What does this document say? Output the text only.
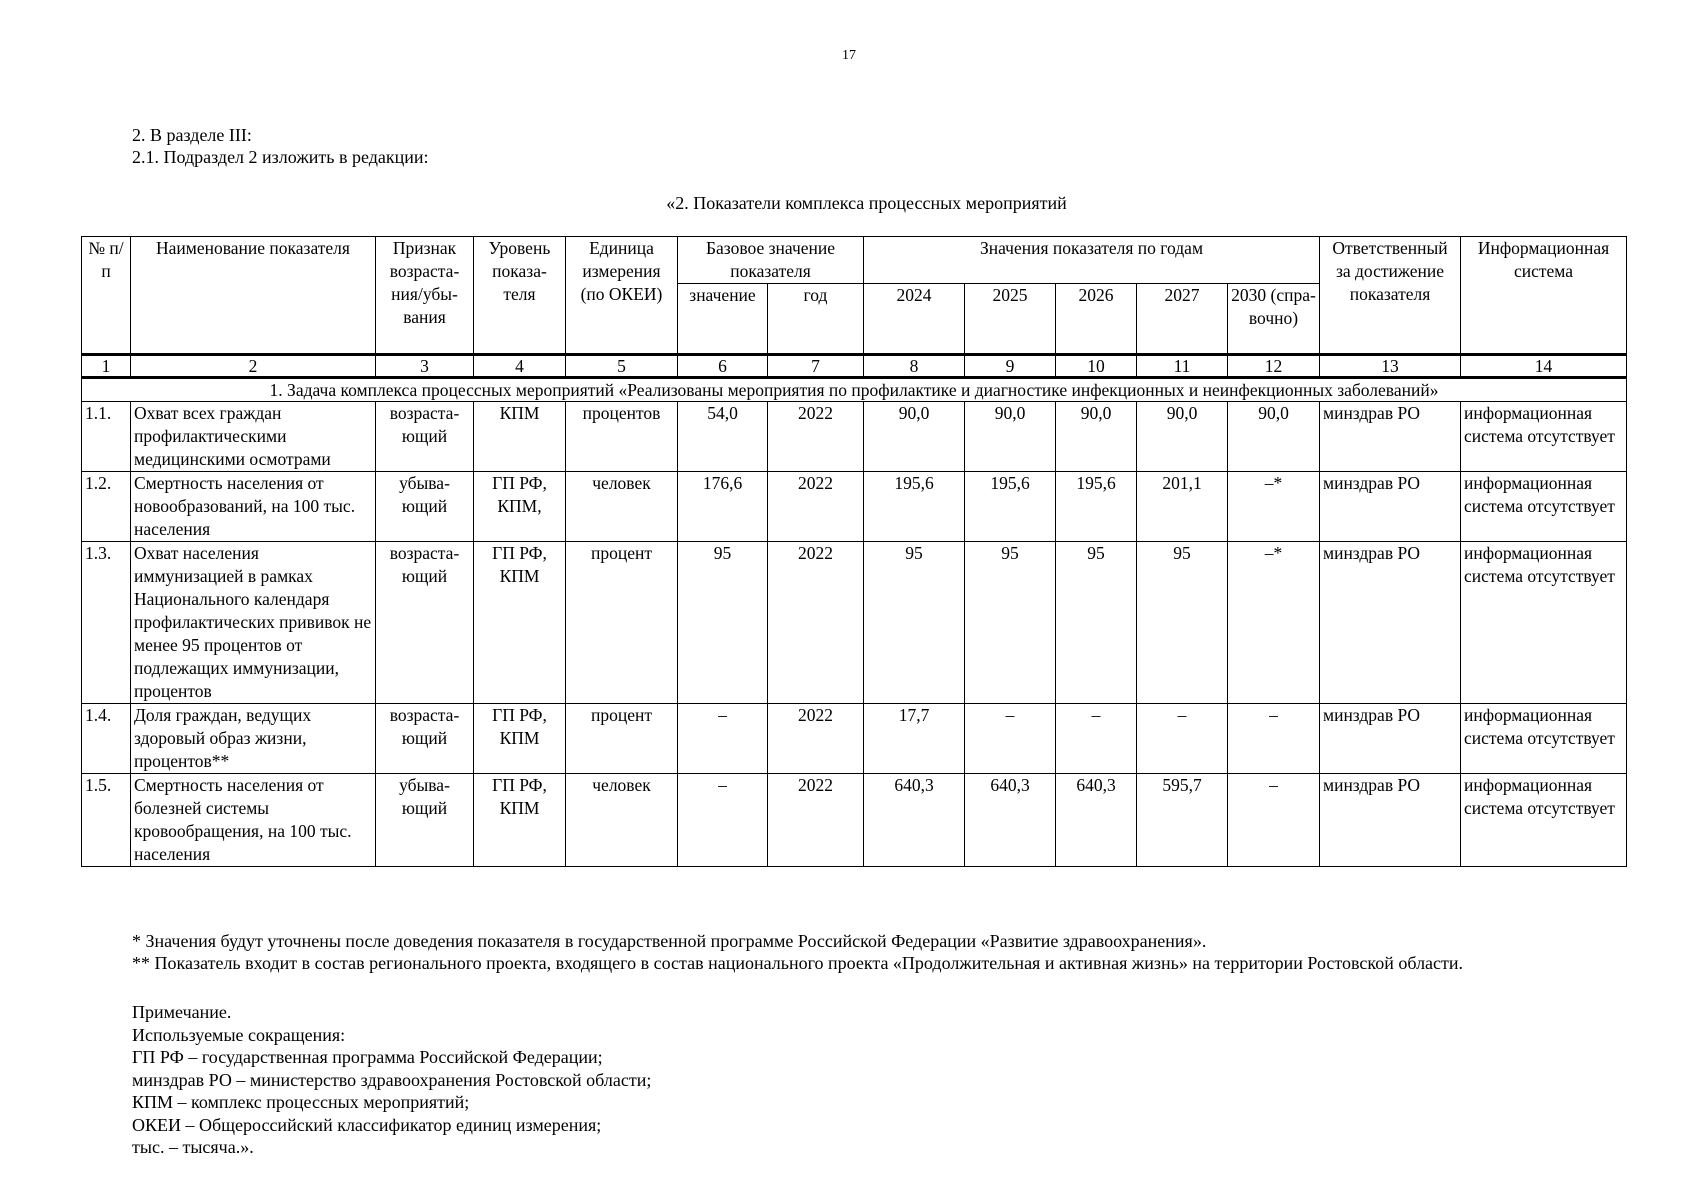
17
2. В разделе III:
2.1. Подраздел 2 изложить в редакции:
«2. Показатели комплекса процессных мероприятий
№ п/п	Наименование показателя	Признак возраста-ния/убы-вания	Уровень показа-теля	Единица измерения (по ОКЕИ)	Базовое значение показателя		Значения показателя по годам					Ответственный за достижение показателя	Информационная система
					значение	год	2024	2025	2026	2027	2030 (спра-вочно)		
1	2	3	4	5	6	7	8	9	10	11	12	13	14
1. Задача комплекса процессных мероприятий «Реализованы мероприятия по профилактике и диагностике инфекционных и неинфекционных заболеваний»													
1.1.	Охват всех граждан профилактическими медицинскими осмотрами	возраста-ющий	КПМ	процентов	54,0	2022	90,0	90,0	90,0	90,0	90,0	минздрав РО	информационная система отсутствует
1.2.	Смертность населения от новообразований, на 100 тыс. населения	убыва-ющий	ГП РФ, КПМ,	человек	176,6	2022	195,6	195,6	195,6	201,1	–*	минздрав РО	информационная система отсутствует
1.3.	Охват населения иммунизацией в рамках Национального календаря профилактических прививок не менее 95 процентов от подлежащих иммунизации, процентов	возраста-ющий	ГП РФ, КПМ	процент	95	2022	95	95	95	95	–*	минздрав РО	информационная система отсутствует
1.4.	Доля граждан, ведущих здоровый образ жизни, процентов**	возраста-ющий	ГП РФ, КПМ	процент	–	2022	17,7	–	–	–	–	минздрав РО	информационная система отсутствует
1.5.	Смертность населения от болезней системы кровообращения, на 100 тыс. населения	убыва-ющий	ГП РФ, КПМ	человек	–	2022	640,3	640,3	640,3	595,7	–	минздрав РО	информационная система отсутствует
* Значения будут уточнены после доведения показателя в государственной программе Российской Федерации «Развитие здравоохранения».
** Показатель входит в состав регионального проекта, входящего в состав национального проекта «Продолжительная и активная жизнь» на территории Ростовской области.
Примечание.
Используемые сокращения:
ГП РФ – государственная программа Российской Федерации;
минздрав РО – министерство здравоохранения Ростовской области;
КПМ – комплекс процессных мероприятий;
ОКЕИ – Общероссийский классификатор единиц измерения;
тыс. – тысяча.».
